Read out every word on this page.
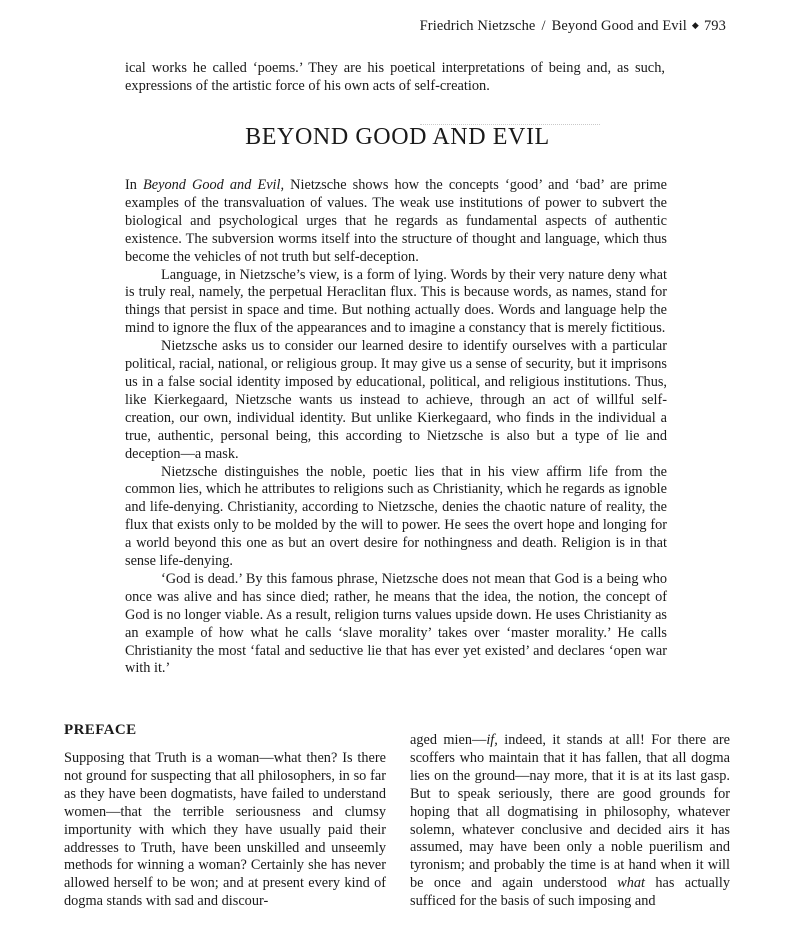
Friedrich Nietzsche / Beyond Good and Evil ◆ 793

ical works he called ‘poems.’ They are his poetical interpretations of being and, as such, expressions of the artistic force of his own acts of self-creation.

BEYOND GOOD AND EVIL

In Beyond Good and Evil, Nietzsche shows how the concepts ‘good’ and ‘bad’ are prime examples of the transvaluation of values. The weak use institutions of power to subvert the biological and psychological urges that he regards as fundamental aspects of authentic existence. The subversion worms itself into the structure of thought and language, which thus become the vehicles of not truth but self-deception.

Language, in Nietzsche’s view, is a form of lying. Words by their very nature deny what is truly real, namely, the perpetual Heraclitan flux. This is because words, as names, stand for things that persist in space and time. But nothing actually does. Words and language help the mind to ignore the flux of the appearances and to imagine a constancy that is merely fictitious.

Nietzsche asks us to consider our learned desire to identify ourselves with a particular political, racial, national, or religious group. It may give us a sense of security, but it imprisons us in a false social identity imposed by educational, political, and religious institutions. Thus, like Kierkegaard, Nietzsche wants us instead to achieve, through an act of willful self-creation, our own, individual identity. But unlike Kierkegaard, who finds in the individual a true, authentic, personal being, this according to Nietzsche is also but a type of lie and deception—a mask.

Nietzsche distinguishes the noble, poetic lies that in his view affirm life from the common lies, which he attributes to religions such as Christianity, which he regards as ignoble and life-denying. Christianity, according to Nietzsche, denies the chaotic nature of reality, the flux that exists only to be molded by the will to power. He sees the overt hope and longing for a world beyond this one as but an overt desire for nothingness and death. Religion is in that sense life-denying.

‘God is dead.’ By this famous phrase, Nietzsche does not mean that God is a being who once was alive and has since died; rather, he means that the idea, the notion, the concept of God is no longer viable. As a result, religion turns values upside down. He uses Christianity as an example of how what he calls ‘slave morality’ takes over ‘master morality.’ He calls Christianity the most ‘fatal and seductive lie that has ever yet existed’ and declares ‘open war with it.’

PREFACE

Supposing that Truth is a woman—what then? Is there not ground for suspecting that all philosophers, in so far as they have been dogmatists, have failed to understand women—that the terrible seriousness and clumsy importunity with which they have usually paid their addresses to Truth, have been unskilled and unseemly methods for winning a woman? Certainly she has never allowed herself to be won; and at present every kind of dogma stands with sad and discour-

aged mien—if, indeed, it stands at all! For there are scoffers who maintain that it has fallen, that all dogma lies on the ground—nay more, that it is at its last gasp. But to speak seriously, there are good grounds for hoping that all dogmatising in philosophy, whatever solemn, whatever conclusive and decided airs it has assumed, may have been only a noble puerilism and tyronism; and probably the time is at hand when it will be once and again understood what has actually sufficed for the basis of such imposing and
